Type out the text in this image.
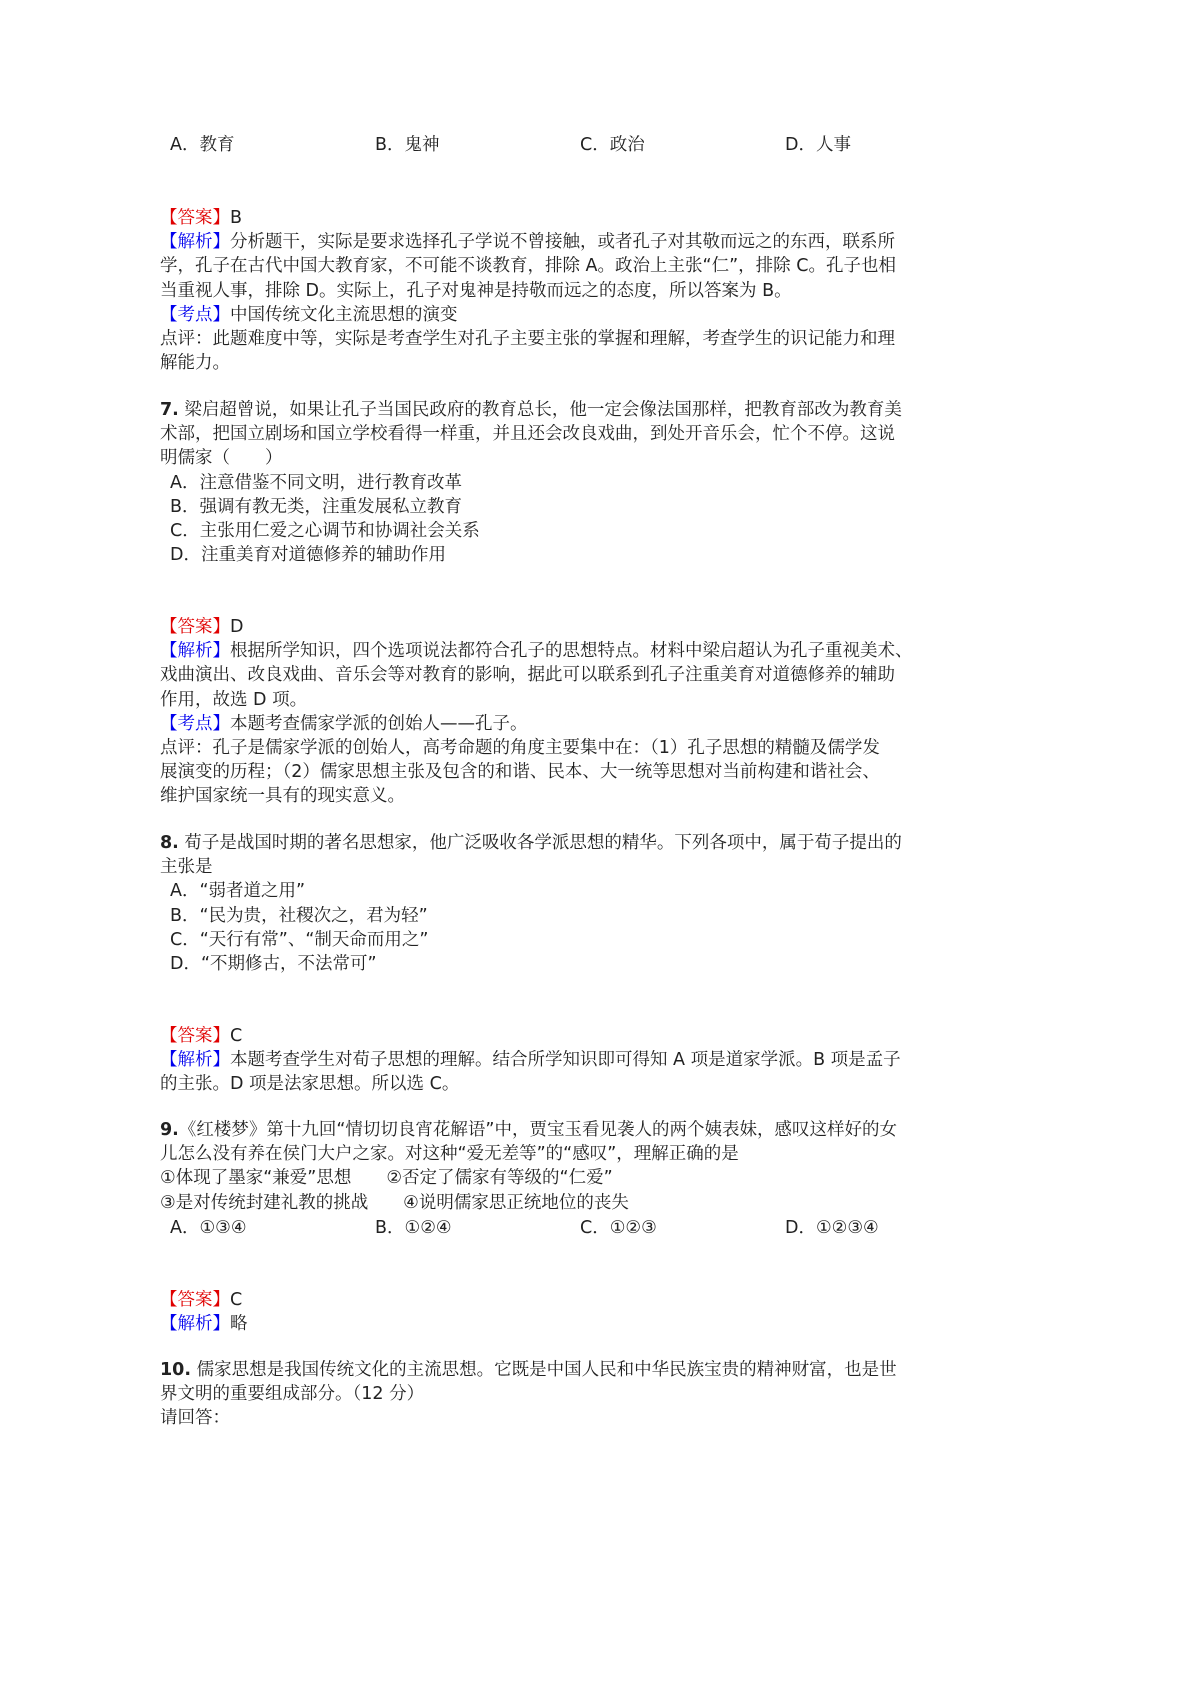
A．教育	B．鬼神	C．政治	D．人事
【答案】B
【解析】分析题干，实际是要求选择孔子学说不曾接触，或者孔子对其敬而远之的东西，联系所
学，孔子在古代中国大教育家，不可能不谈教育，排除 A。政治上主张“仁”，排除 C。孔子也相
当重视人事，排除 D。实际上，孔子对鬼神是持敬而远之的态度，所以答案为 B。
【考点】中国传统文化主流思想的演变
点评：此题难度中等，实际是考查学生对孔子主要主张的掌握和理解，考查学生的识记能力和理
解能力。
7. 梁启超曾说，如果让孔子当国民政府的教育总长，他一定会像法国那样，把教育部改为教育美
术部，把国立剧场和国立学校看得一样重，并且还会改良戏曲，到处开音乐会，忙个不停。这说
明儒家（　　）
A．注意借鉴不同文明，进行教育改革
B．强调有教无类，注重发展私立教育
C．主张用仁爱之心调节和协调社会关系
D．注重美育对道德修养的辅助作用
【答案】D
【解析】根据所学知识，四个选项说法都符合孔子的思想特点。材料中梁启超认为孔子重视美术、
戏曲演出、改良戏曲、音乐会等对教育的影响，据此可以联系到孔子注重美育对道德修养的辅助
作用，故选 D 项。
【考点】本题考查儒家学派的创始人——孔子。
点评：孔子是儒家学派的创始人，高考命题的角度主要集中在：（1）孔子思想的精髓及儒学发
展演变的历程；（2）儒家思想主张及包含的和谐、民本、大一统等思想对当前构建和谐社会、
维护国家统一具有的现实意义。
8. 荀子是战国时期的著名思想家，他广泛吸收各学派思想的精华。下列各项中，属于荀子提出的
主张是
A．“弱者道之用”
B．“民为贵，社稷次之，君为轻”
C．“天行有常”、“制天命而用之”
D．“不期修古，不法常可”
【答案】C
【解析】本题考查学生对荀子思想的理解。结合所学知识即可得知 A 项是道家学派。B 项是孟子
的主张。D 项是法家思想。所以选 C。
9.《红楼梦》第十九回“情切切良宵花解语”中，贾宝玉看见袭人的两个姨表妹，感叹这样好的女
儿怎么没有养在侯门大户之家。对这种“爱无差等”的“感叹”，理解正确的是
①体现了墨家“兼爱”思想　　②否定了儒家有等级的“仁爱”
③是对传统封建礼教的挑战　　④说明儒家思正统地位的丧失
A．①③④	B．①②④	C．①②③	D．①②③④
【答案】C
【解析】略
10. 儒家思想是我国传统文化的主流思想。它既是中国人民和中华民族宝贵的精神财富，也是世
界文明的重要组成部分。（12 分）
请回答：
